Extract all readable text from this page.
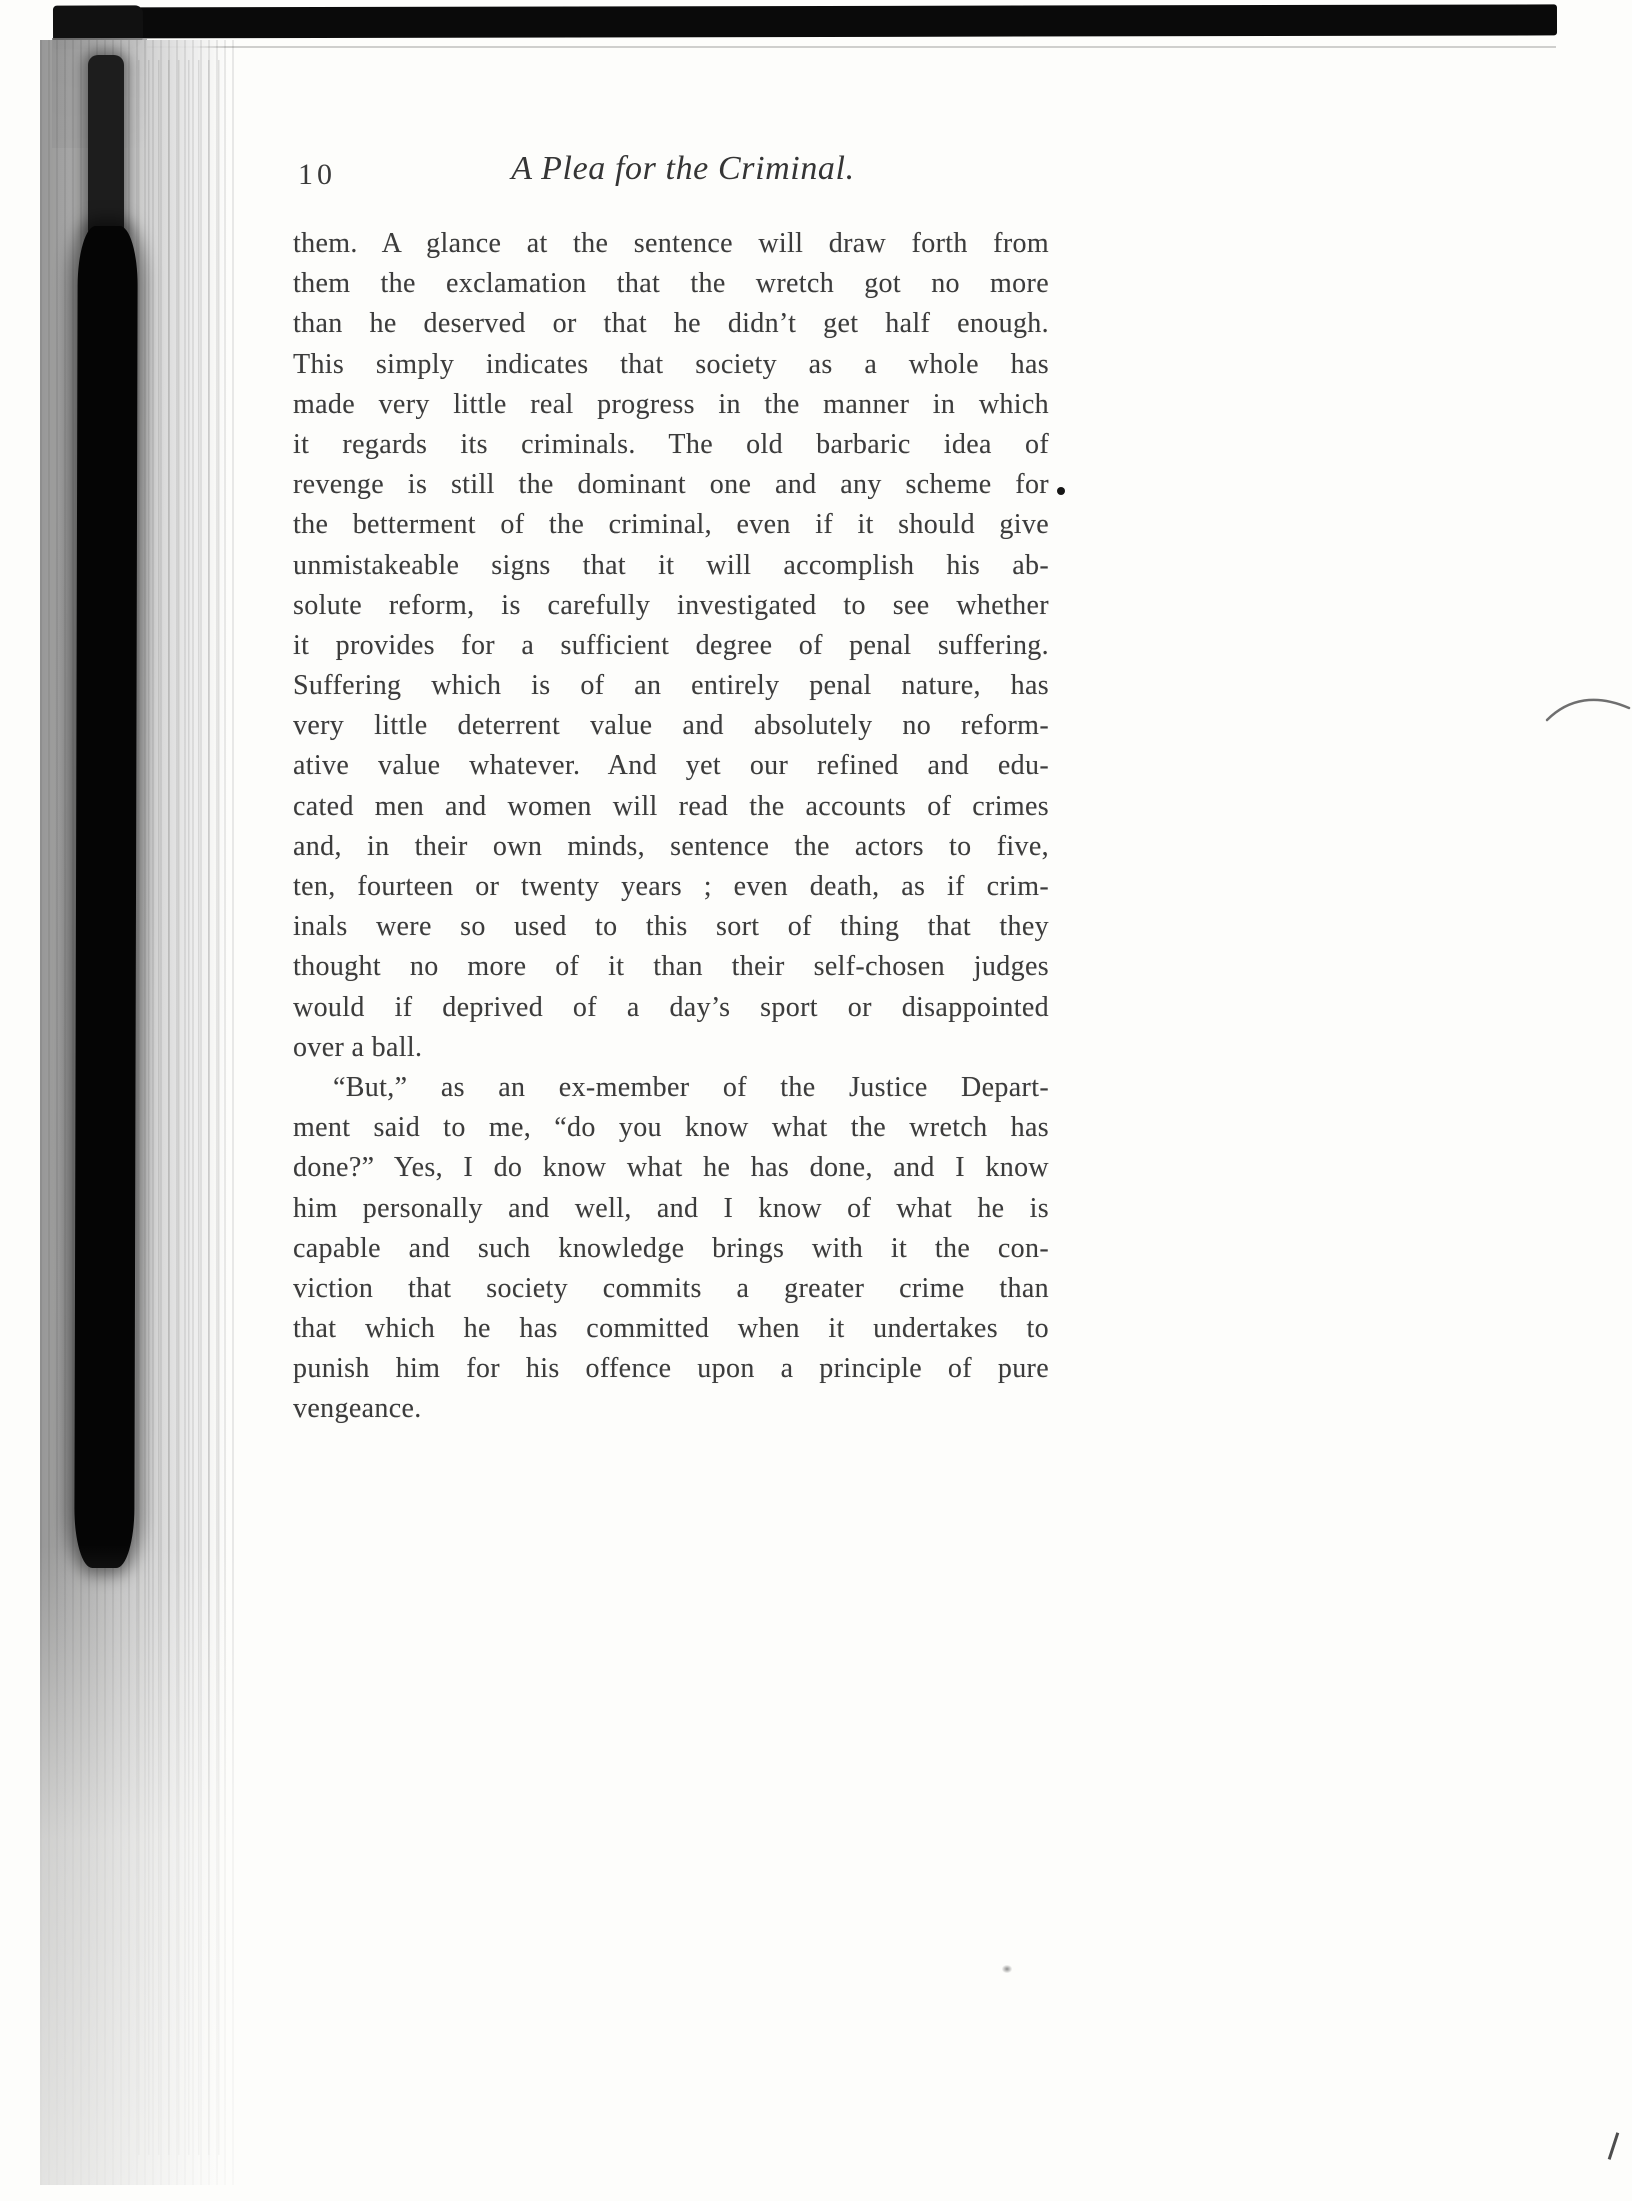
10	A Plea for the Criminal.
them. A glance at the sentence will draw forth from
them the exclamation that the wretch got no more
than he deserved or that he didn’t get half enough.
This simply indicates that society as a whole has
made very little real progress in the manner in which
it regards its criminals. The old barbaric idea of
revenge is still the dominant one and any scheme for
the betterment of the criminal, even if it should give
unmistakeable signs that it will accomplish his ab-
solute reform, is carefully investigated to see whether
it provides for a sufficient degree of penal suffering.
Suffering which is of an entirely penal nature, has
very little deterrent value and absolutely no reform-
ative value whatever. And yet our refined and edu-
cated men and women will read the accounts of crimes
and, in their own minds, sentence the actors to five,
ten, fourteen or twenty years ; even death, as if crim-
inals were so used to this sort of thing that they
thought no more of it than their self-chosen judges
would if deprived of a day’s sport or disappointed
over a ball.
“But,” as an ex-member of the Justice Depart-
ment said to me, “do you know what the wretch has
done?” Yes, I do know what he has done, and I know
him personally and well, and I know of what he is
capable and such knowledge brings with it the con-
viction that society commits a greater crime than
that which he has committed when it undertakes to
punish him for his offence upon a principle of pure
vengeance.
